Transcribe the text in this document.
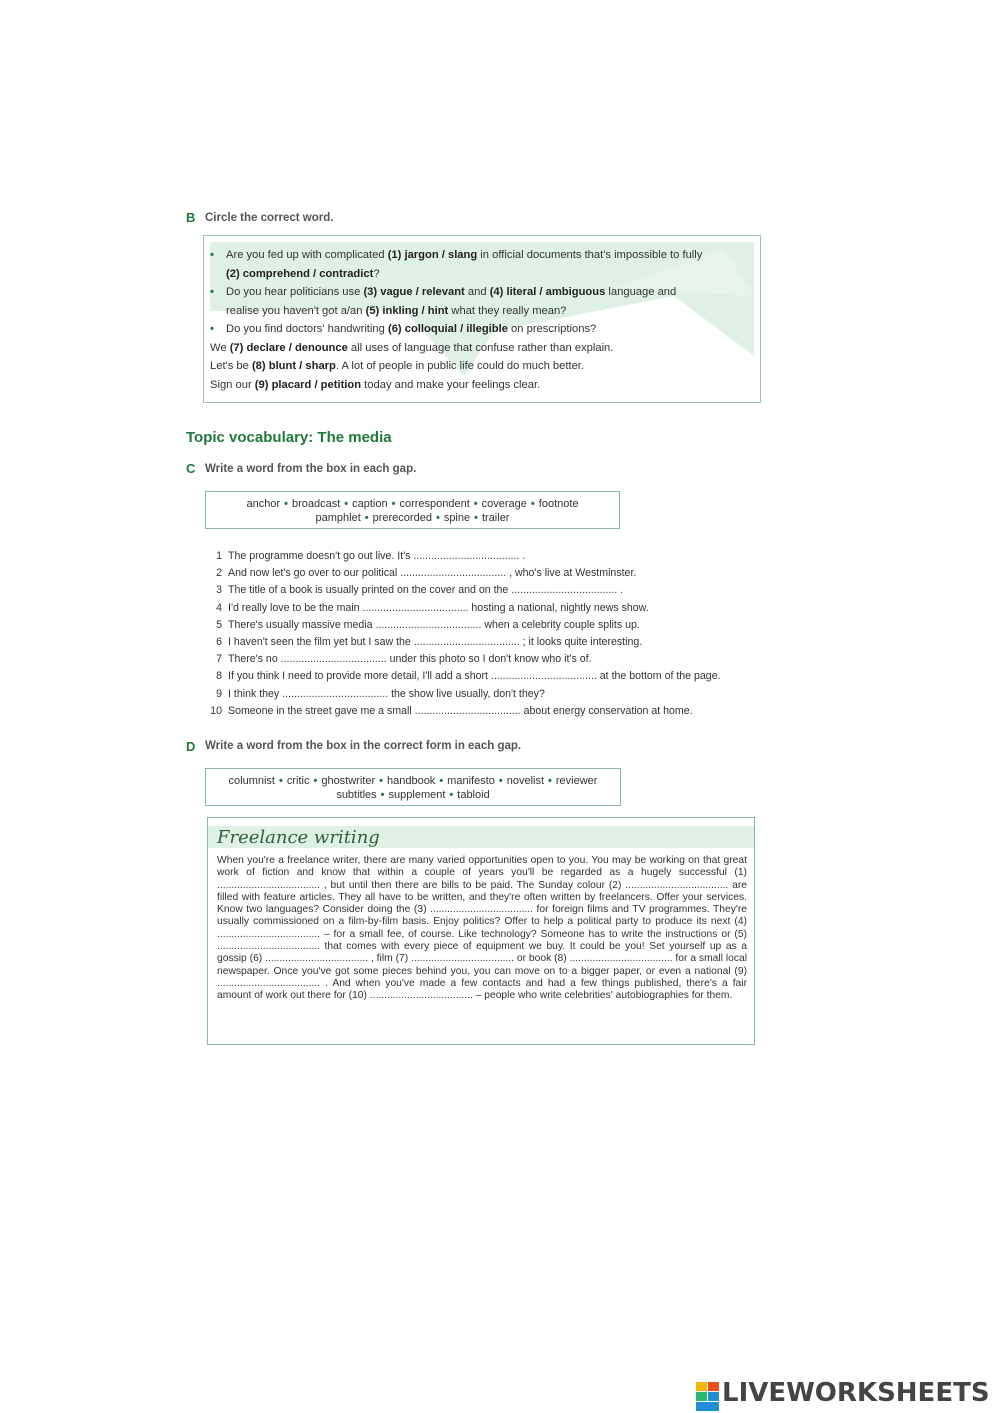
B Circle the correct word.
• Are you fed up with complicated (1) jargon / slang in official documents that's impossible to fully
(2) comprehend / contradict?
• Do you hear politicians use (3) vague / relevant and (4) literal / ambiguous language and
realise you haven't got a/an (5) inkling / hint what they really mean?
• Do you find doctors' handwriting (6) colloquial / illegible on prescriptions?
We (7) declare / denounce all uses of language that confuse rather than explain.
Let's be (8) blunt / sharp. A lot of people in public life could do much better.
Sign our (9) placard / petition today and make your feelings clear.
Topic vocabulary: The media
C Write a word from the box in each gap.
anchor • broadcast • caption • correspondent • coverage • footnote
pamphlet • prerecorded • spine • trailer
1 The programme doesn't go out live. It's .................................... .
2 And now let's go over to our political .................................... , who's live at Westminster.
3 The title of a book is usually printed on the cover and on the .................................... .
4 I'd really love to be the main .................................... hosting a national, nightly news show.
5 There's usually massive media .................................... when a celebrity couple splits up.
6 I haven't seen the film yet but I saw the .................................... ; it looks quite interesting.
7 There's no .................................... under this photo so I don't know who it's of.
8 If you think I need to provide more detail, I'll add a short .................................... at the bottom of the page.
9 I think they .................................... the show live usually, don't they?
10 Someone in the street gave me a small .................................... about energy conservation at home.
D Write a word from the box in the correct form in each gap.
columnist • critic • ghostwriter • handbook • manifesto • novelist • reviewer
subtitles • supplement • tabloid
Freelance writing
When you're a freelance writer, there are many varied opportunities open to you. You may be working on that great work of fiction and know that within a couple of years you'll be regarded as a hugely successful (1) .................................... , but until then there are bills to be paid. The Sunday colour (2) .................................... are filled with feature articles. They all have to be written, and they're often written by freelancers. Offer your services. Know two languages? Consider doing the (3) .................................... for foreign films and TV programmes. They're usually commissioned on a film-by-film basis. Enjoy politics? Offer to help a political party to produce its next (4) .................................... – for a small fee, of course. Like technology? Someone has to write the instructions or (5) .................................... that comes with every piece of equipment we buy. It could be you! Set yourself up as a gossip (6) .................................... , film (7) .................................... or book (8) .................................... for a small local newspaper. Once you've got some pieces behind you, you can move on to a bigger paper, or even a national (9) .................................... . And when you've made a few contacts and had a few things published, there's a fair amount of work out there for (10) .................................... – people who write celebrities' autobiographies for them.
LIVEWORKSHEETS
